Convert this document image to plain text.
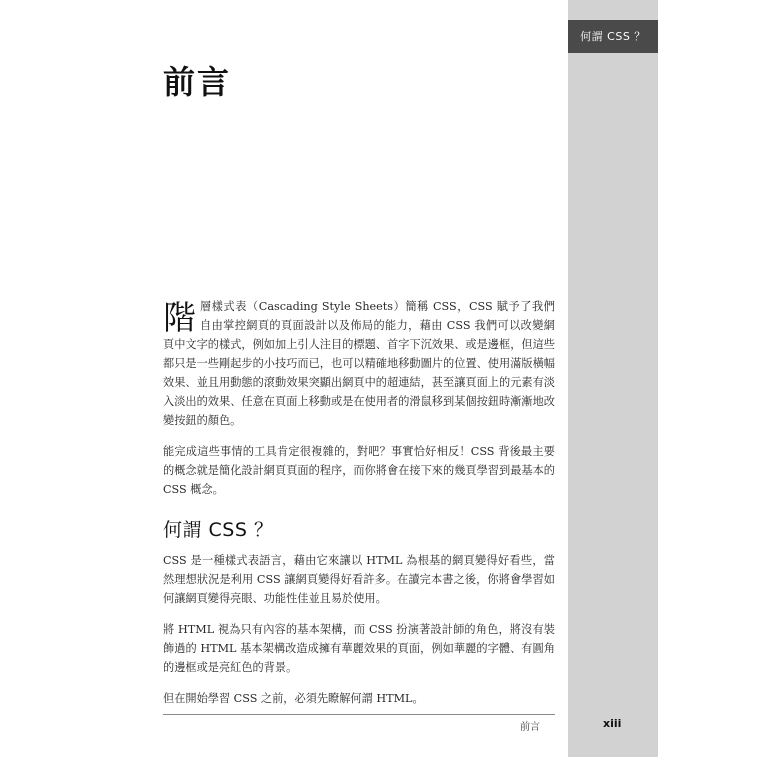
何謂 CSS ？
前言

階層樣式表（Cascading Style Sheets）簡稱 CSS，CSS 賦予了我們自由掌控網頁的頁面設計以及佈局的能力，藉由 CSS 我們可以改變網頁中文字的樣式，例如加上引人注目的標題、首字下沉效果、或是邊框，但這些都只是一些剛起步的小技巧而已，也可以精確地移動圖片的位置、使用滿版橫幅效果、並且用動態的滾動效果突顯出網頁中的超連結，甚至讓頁面上的元素有淡入淡出的效果、任意在頁面上移動或是在使用者的滑鼠移到某個按鈕時漸漸地改變按鈕的顏色。

能完成這些事情的工具肯定很複雜的，對吧？事實恰好相反！CSS 背後最主要的概念就是簡化設計網頁頁面的程序，而你將會在接下來的幾頁學習到最基本的 CSS 概念。

何謂 CSS ？

CSS 是一種樣式表語言，藉由它來讓以 HTML 為根基的網頁變得好看些，當然理想狀況是利用 CSS 讓網頁變得好看許多。在讀完本書之後，你將會學習如何讓網頁變得亮眼、功能性佳並且易於使用。

將 HTML 視為只有內容的基本架構，而 CSS 扮演著設計師的角色，將沒有裝飾過的 HTML 基本架構改造成擁有華麗效果的頁面，例如華麗的字體、有圓角的邊框或是亮紅色的背景。

但在開始學習 CSS 之前，必須先瞭解何謂 HTML。

前言	xiii
